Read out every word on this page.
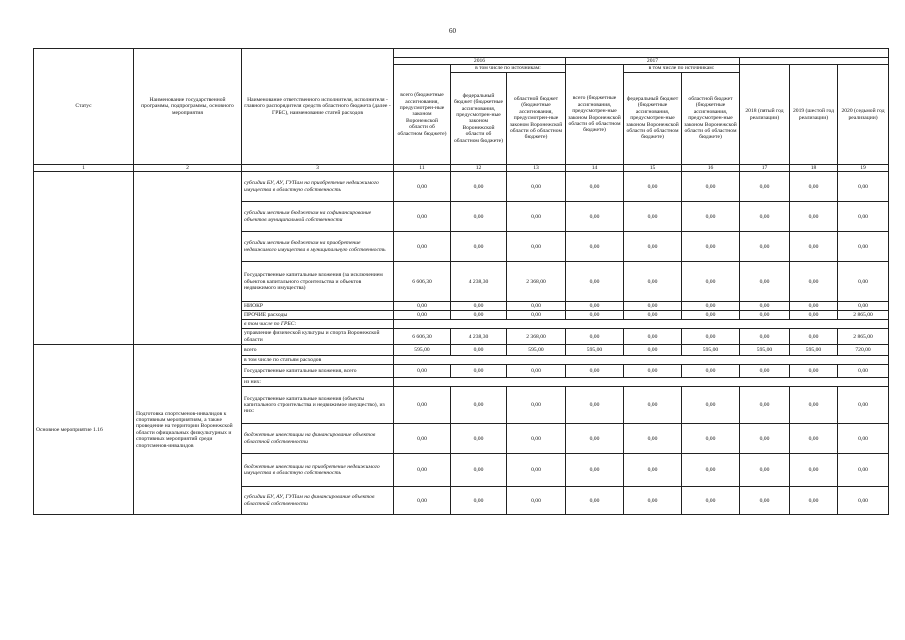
60
Статус	Наименование государственной программы, подпрограммы, основного мероприятия	Наименование ответственного исполнителя, исполнителя - главного распорядителя средств областного бюджета (далее - ГРБС), наименование статей расходов									
			2016			2017					
			всего (бюджетные ассигнования, предусмотрен-ные законом Воронежской области об областном бюджете)	в том числе по источникам:		всего (бюджетные ассигнования, предусмотрен-ные законом Воронежской области об областном бюджете)	в том числе по источникам:		2018 (пятый год реализации)	2019 (шестой год реализации)	2020 (седьмой год реализации)
				федеральный бюджет (бюджетные ассигнования, предусмотрен-ные законом Воронежской области об областном бюджете)	областной бюджет (бюджетные ассигнования, предусмотрен-ные законом Воронежской области об областном бюджете)		федеральный бюджет (бюджетные ассигнования, предусмотрен-ные законом Воронежской области об областном бюджете)	областной бюджет (бюджетные ассигнования, предусмотрен-ные законом Воронежской области об областном бюджете)			
1	2	3	11	12	13	14	15	16	17	18	19
		субсидии БУ, АУ, ГУПам на приобретение недвижимого имущества в областную собственность	0,00	0,00	0,00	0,00	0,00	0,00	0,00	0,00	0,00
		субсидии местным бюджетам на софинансирование объектов муниципальной собственности	0,00	0,00	0,00	0,00	0,00	0,00	0,00	0,00	0,00
		субсидии местным бюджетам на приобретение недвижимого имущества в муниципальную собственность	0,00	0,00	0,00	0,00	0,00	0,00	0,00	0,00	0,00
		Государственные капитальные вложения (за исключением объектов капитального строительства и объектов недвижимого имущества)	6 606,30	4 238,30	2 368,00	0,00	0,00	0,00	0,00	0,00	0,00
		НИОКР	0,00	0,00	0,00	0,00	0,00	0,00	0,00	0,00	0,00
		ПРОЧИЕ расходы	0,00	0,00	0,00	0,00	0,00	0,00	0,00	0,00	2 865,00
		в том числе по ГРБС:									
		управление физической культуры и спорта Воронежской области	6 606,30	4 238,30	2 368,00	0,00	0,00	0,00	0,00	0,00	2 865,00
Основное мероприятие 1.16	Подготовка спортсменов-инвалидов к спортивным мероприятиям, а также проведение на территории Воронежской области официальных физкультурных и спортивных мероприятий среди спортсменов-инвалидов	всего	595,00	0,00	595,00	595,00	0,00	595,00	595,00	595,00	720,00
		в том числе по статьям расходов									
		Государственные капитальные вложения, всего	0,00	0,00	0,00	0,00	0,00	0,00	0,00	0,00	0,00
		из них:									
		Государственные капитальные вложения (объекты капитального строительства и недвижимое имущество), из них:	0,00	0,00	0,00	0,00	0,00	0,00	0,00	0,00	0,00
		бюджетные инвестиции на финансирование объектов областной собственности	0,00	0,00	0,00	0,00	0,00	0,00	0,00	0,00	0,00
		бюджетные инвестиции на приобретение недвижимого имущества в областную собственность	0,00	0,00	0,00	0,00	0,00	0,00	0,00	0,00	0,00
		субсидии БУ, АУ, ГУПам на финансирование объектов областной собственности	0,00	0,00	0,00	0,00	0,00	0,00	0,00	0,00	0,00
